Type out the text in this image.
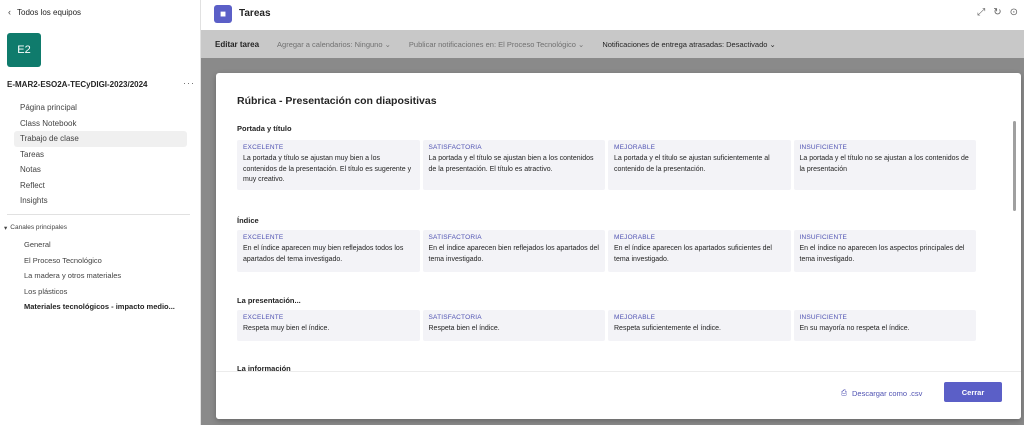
‹ Todos los equipos
E2
E-MAR2-ESO2A-TECyDIGI-2023/2024	···
Página principal
Class Notebook
Trabajo de clase
Tareas
Notas
Reflect
Insights
▾ Canales principales
General
El Proceso Tecnológico
La madera y otros materiales
Los plásticos
Materiales tecnológicos - impacto medio...
■	Tareas	⤢ ↻ ⊙
Editar tarea Agregar a calendarios: Ninguno ⌄ Publicar notificaciones en: El Proceso Tecnológico ⌄ Notificaciones de entrega atrasadas: Desactivado ⌄
Rúbrica - Presentación con diapositivas
Portada y título
EXCELENTE
La portada y título se ajustan muy bien a los contenidos de la presentación. El título es sugerente y muy creativo.
SATISFACTORIA
La portada y el título se ajustan bien a los contenidos de la presentación. El título es atractivo.
MEJORABLE
La portada y el título se ajustan suficientemente al contenido de la presentación.
INSUFICIENTE
La portada y el título no se ajustan a los contenidos de la presentación
Índice
EXCELENTE
En el índice aparecen muy bien reflejados todos los apartados del tema investigado.
SATISFACTORIA
En el índice aparecen bien reflejados los apartados del tema investigado.
MEJORABLE
En el índice aparecen los apartados suficientes del tema investigado.
INSUFICIENTE
En el índice no aparecen los aspectos principales del tema investigado.
La presentación...
EXCELENTE
Respeta muy bien el índice.
SATISFACTORIA
Respeta bien el índice.
MEJORABLE
Respeta suficientemente el índice.
INSUFICIENTE
En su mayoría no respeta el índice.
La información
⎙ Descargar como .csv	Cerrar
